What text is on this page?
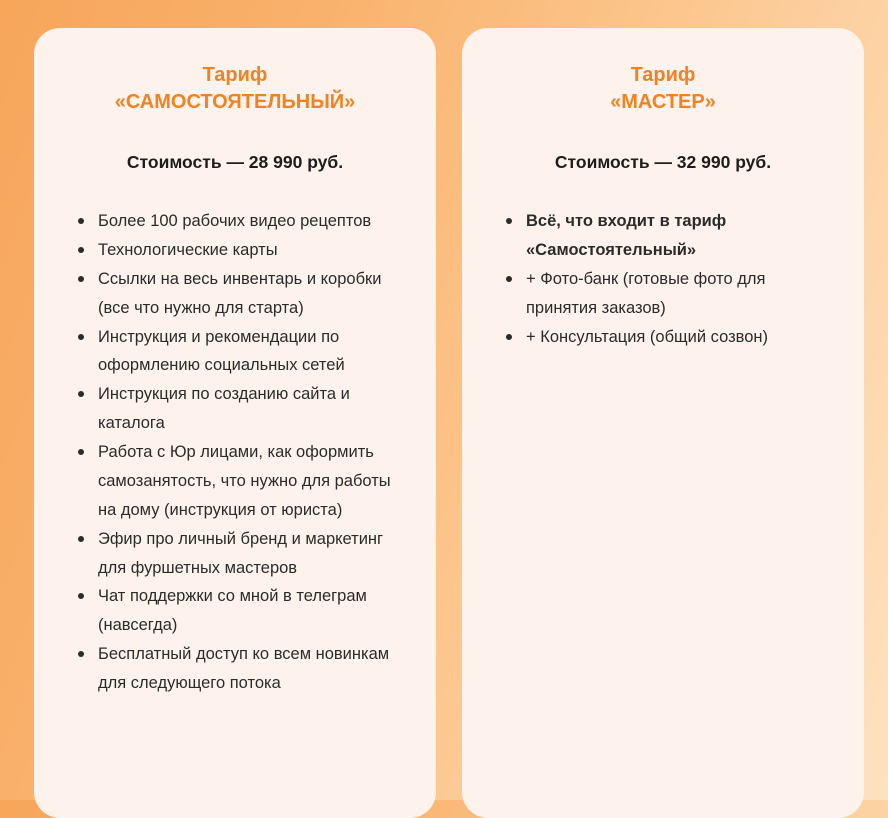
Тариф
«САМОСТОЯТЕЛЬНЫЙ»
Стоимость — 28 990 руб.
Более 100 рабочих видео рецептов
Технологические карты
Ссылки на весь инвентарь и коробки (все что нужно для старта)
Инструкция и рекомендации по оформлению социальных сетей
Инструкция по созданию сайта и каталога
Работа с Юр лицами, как оформить самозанятость, что нужно для работы на дому (инструкция от юриста)
Эфир про личный бренд и маркетинг для фуршетных мастеров
Чат поддержки со мной в телеграм (навсегда)
Бесплатный доступ ко всем новинкам для следующего потока
Тариф
«МАСТЕР»
Стоимость — 32 990 руб.
Всё, что входит в тариф «Самостоятельный»
+ Фото-банк (готовые фото для принятия заказов)
+ Консультация (общий созвон)
